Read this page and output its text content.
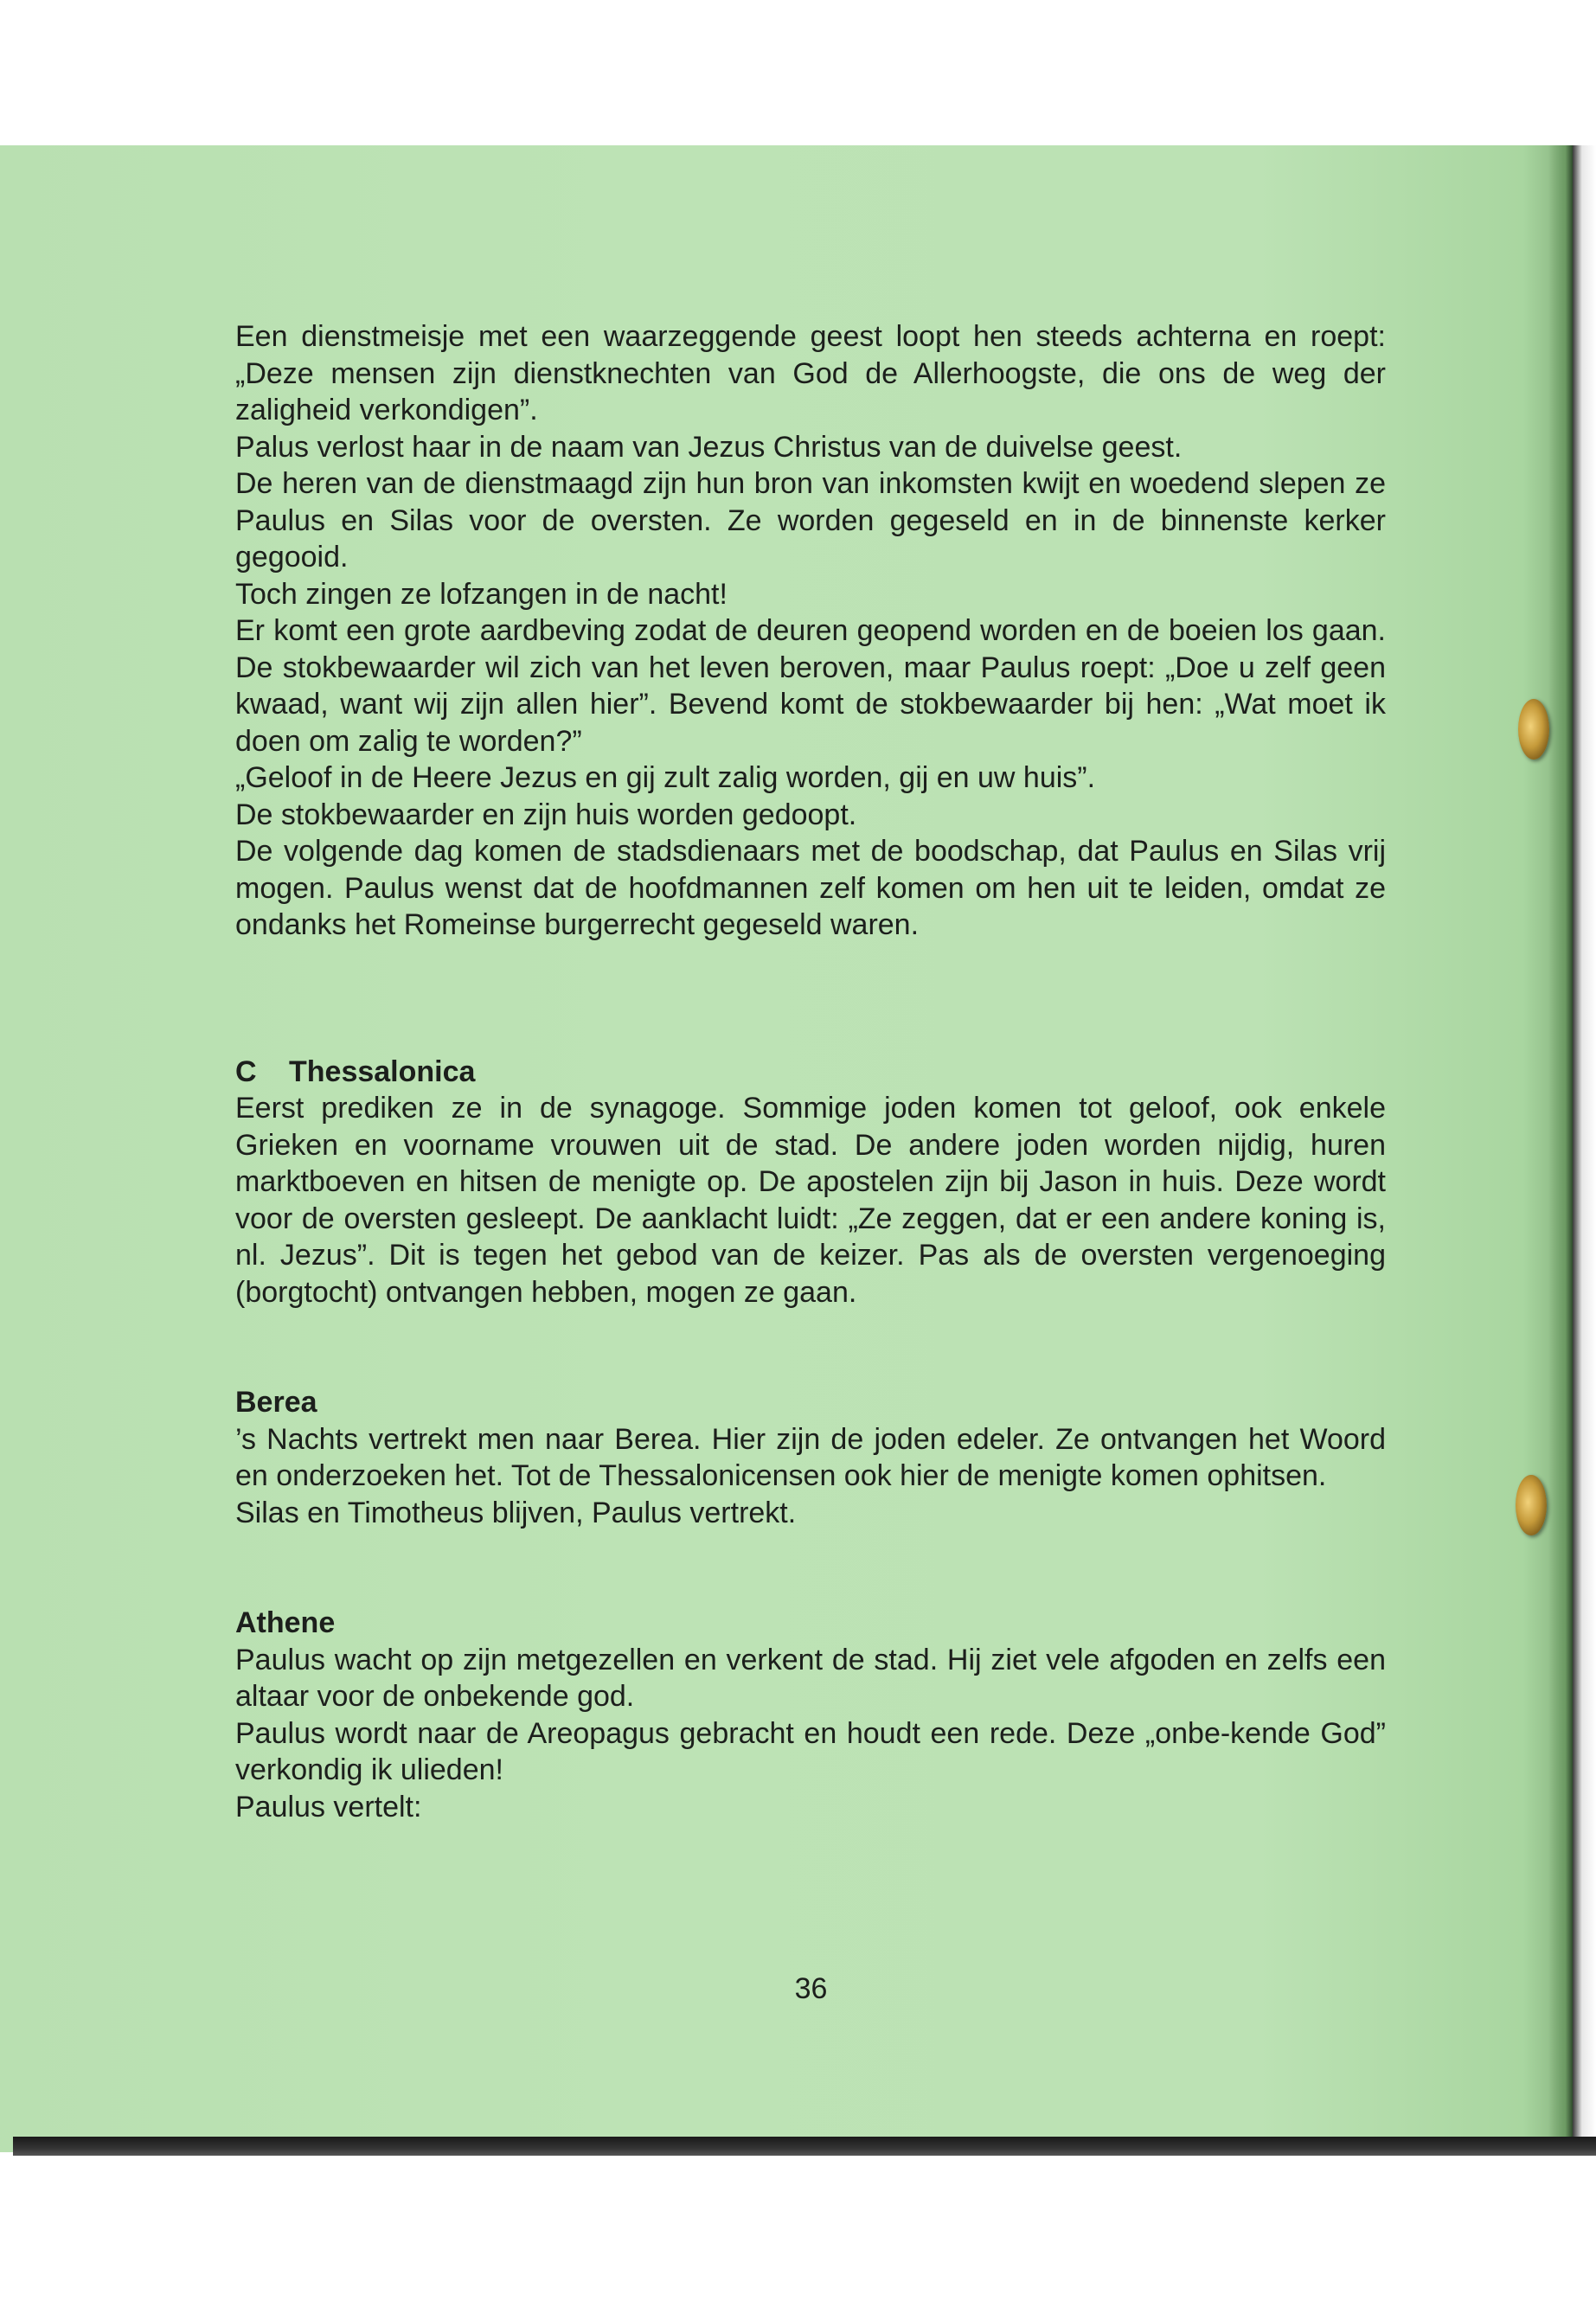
Een dienstmeisje met een waarzeggende geest loopt hen steeds achterna en roept: „Deze mensen zijn dienstknechten van God de Allerhoogste, die ons de weg der zaligheid verkondigen”.

Palus verlost haar in de naam van Jezus Christus van de duivelse geest.

De heren van de dienstmaagd zijn hun bron van inkomsten kwijt en woedend slepen ze Paulus en Silas voor de oversten. Ze worden gegeseld en in de binnenste kerker gegooid.

Toch zingen ze lofzangen in de nacht!

Er komt een grote aardbeving zodat de deuren geopend worden en de boeien los gaan. De stokbewaarder wil zich van het leven beroven, maar Paulus roept: „Doe u zelf geen kwaad, want wij zijn allen hier”. Bevend komt de stokbewaarder bij hen: „Wat moet ik doen om zalig te worden?”

„Geloof in de Heere Jezus en gij zult zalig worden, gij en uw huis”.

De stokbewaarder en zijn huis worden gedoopt.

De volgende dag komen de stadsdienaars met de boodschap, dat Paulus en Silas vrij mogen. Paulus wenst dat de hoofdmannen zelf komen om hen uit te leiden, omdat ze ondanks het Romeinse burgerrecht gegeseld waren.

C Thessalonica

Eerst prediken ze in de synagoge. Sommige joden komen tot geloof, ook enkele Grieken en voorname vrouwen uit de stad. De andere joden worden nijdig, huren marktboeven en hitsen de menigte op. De apostelen zijn bij Jason in huis. Deze wordt voor de oversten gesleept. De aanklacht luidt: „Ze zeggen, dat er een andere koning is, nl. Jezus”. Dit is tegen het gebod van de keizer. Pas als de oversten vergenoeging (borgtocht) ontvangen hebben, mogen ze gaan.

Berea

’s Nachts vertrekt men naar Berea. Hier zijn de joden edeler. Ze ontvangen het Woord en onderzoeken het. Tot de Thessalonicensen ook hier de menigte komen ophitsen.

Silas en Timotheus blijven, Paulus vertrekt.

Athene

Paulus wacht op zijn metgezellen en verkent de stad. Hij ziet vele afgoden en zelfs een altaar voor de onbekende god.

Paulus wordt naar de Areopagus gebracht en houdt een rede. Deze „onbe-kende God” verkondig ik ulieden!

Paulus vertelt:

36
